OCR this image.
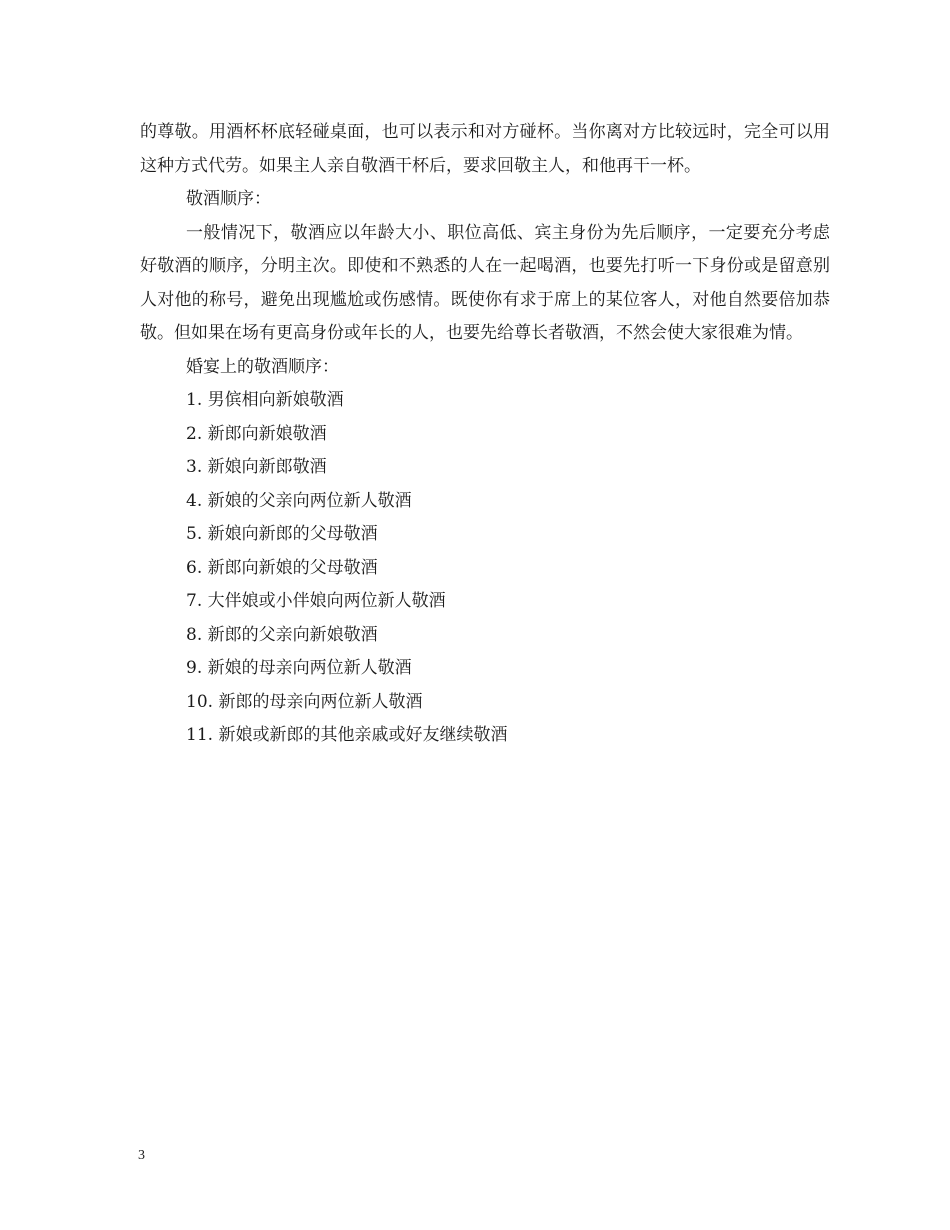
的尊敬。用酒杯杯底轻碰桌面，也可以表示和对方碰杯。当你离对方比较远时，完全可以用这种方式代劳。如果主人亲自敬酒干杯后，要求回敬主人，和他再干一杯。

敬酒顺序：

一般情况下，敬酒应以年龄大小、职位高低、宾主身份为先后顺序，一定要充分考虑好敬酒的顺序，分明主次。即使和不熟悉的人在一起喝酒，也要先打听一下身份或是留意别人对他的称号，避免出现尴尬或伤感情。既使你有求于席上的某位客人，对他自然要倍加恭敬。但如果在场有更高身份或年长的人，也要先给尊长者敬酒，不然会使大家很难为情。

婚宴上的敬酒顺序：

1. 男傧相向新娘敬酒
2. 新郎向新娘敬酒
3. 新娘向新郎敬酒
4. 新娘的父亲向两位新人敬酒
5. 新娘向新郎的父母敬酒
6. 新郎向新娘的父母敬酒
7. 大伴娘或小伴娘向两位新人敬酒
8. 新郎的父亲向新娘敬酒
9. 新娘的母亲向两位新人敬酒
10. 新郎的母亲向两位新人敬酒
11. 新娘或新郎的其他亲戚或好友继续敬酒
3
